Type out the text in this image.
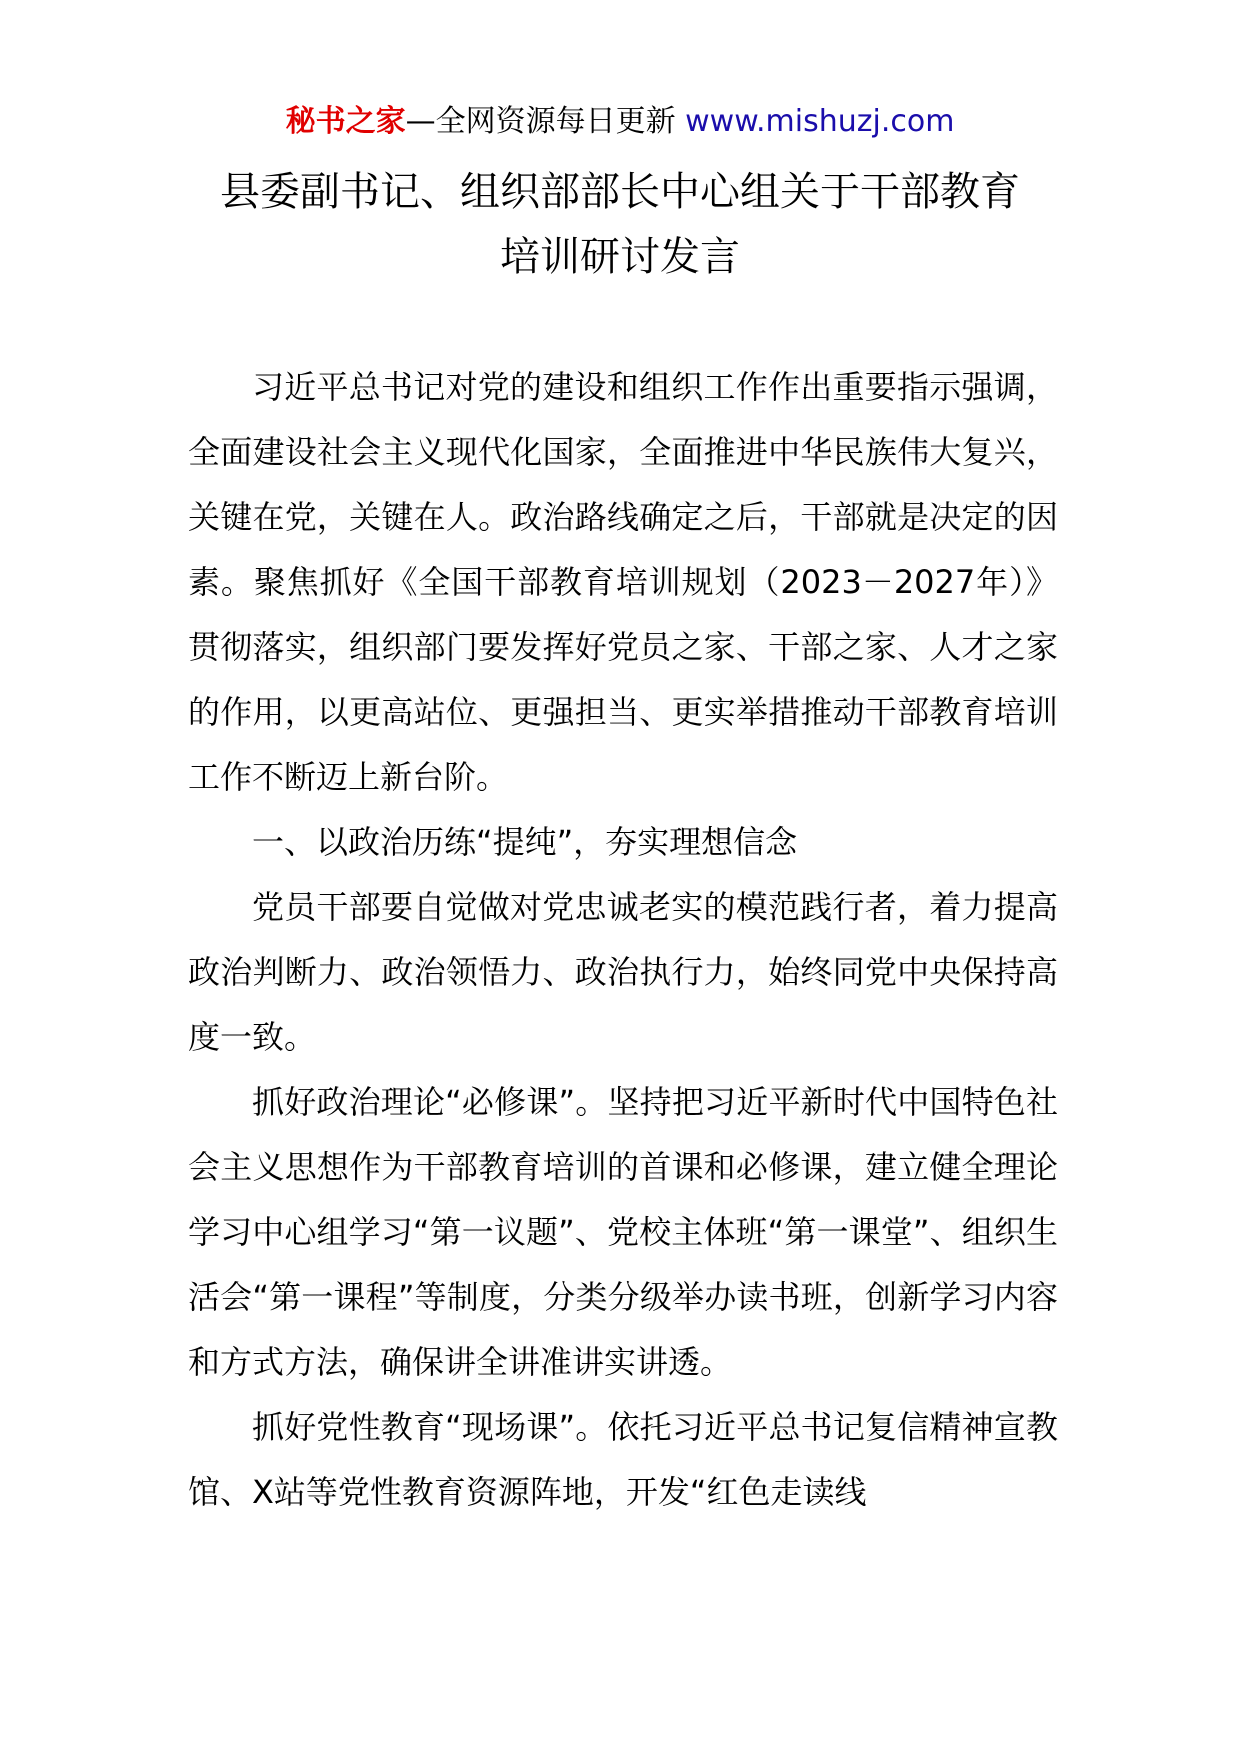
秘书之家—全网资源每日更新 www.mishuzj.com
县委副书记、组织部部长中心组关于干部教育
培训研讨发言

习近平总书记对党的建设和组织工作作出重要指示强调，全面建设社会主义现代化国家，全面推进中华民族伟大复兴，关键在党，关键在人。政治路线确定之后，干部就是决定的因素。聚焦抓好《全国干部教育培训规划（2023－2027年）》贯彻落实，组织部门要发挥好党员之家、干部之家、人才之家的作用，以更高站位、更强担当、更实举措推动干部教育培训工作不断迈上新台阶。

一、以政治历练“提纯”，夯实理想信念

党员干部要自觉做对党忠诚老实的模范践行者，着力提高政治判断力、政治领悟力、政治执行力，始终同党中央保持高度一致。

抓好政治理论“必修课”。坚持把习近平新时代中国特色社会主义思想作为干部教育培训的首课和必修课，建立健全理论学习中心组学习“第一议题”、党校主体班“第一课堂”、组织生活会“第一课程”等制度，分类分级举办读书班，创新学习内容和方式方法，确保讲全讲准讲实讲透。

抓好党性教育“现场课”。依托习近平总书记复信精神宣教馆、X站等党性教育资源阵地，开发“红色走读线
